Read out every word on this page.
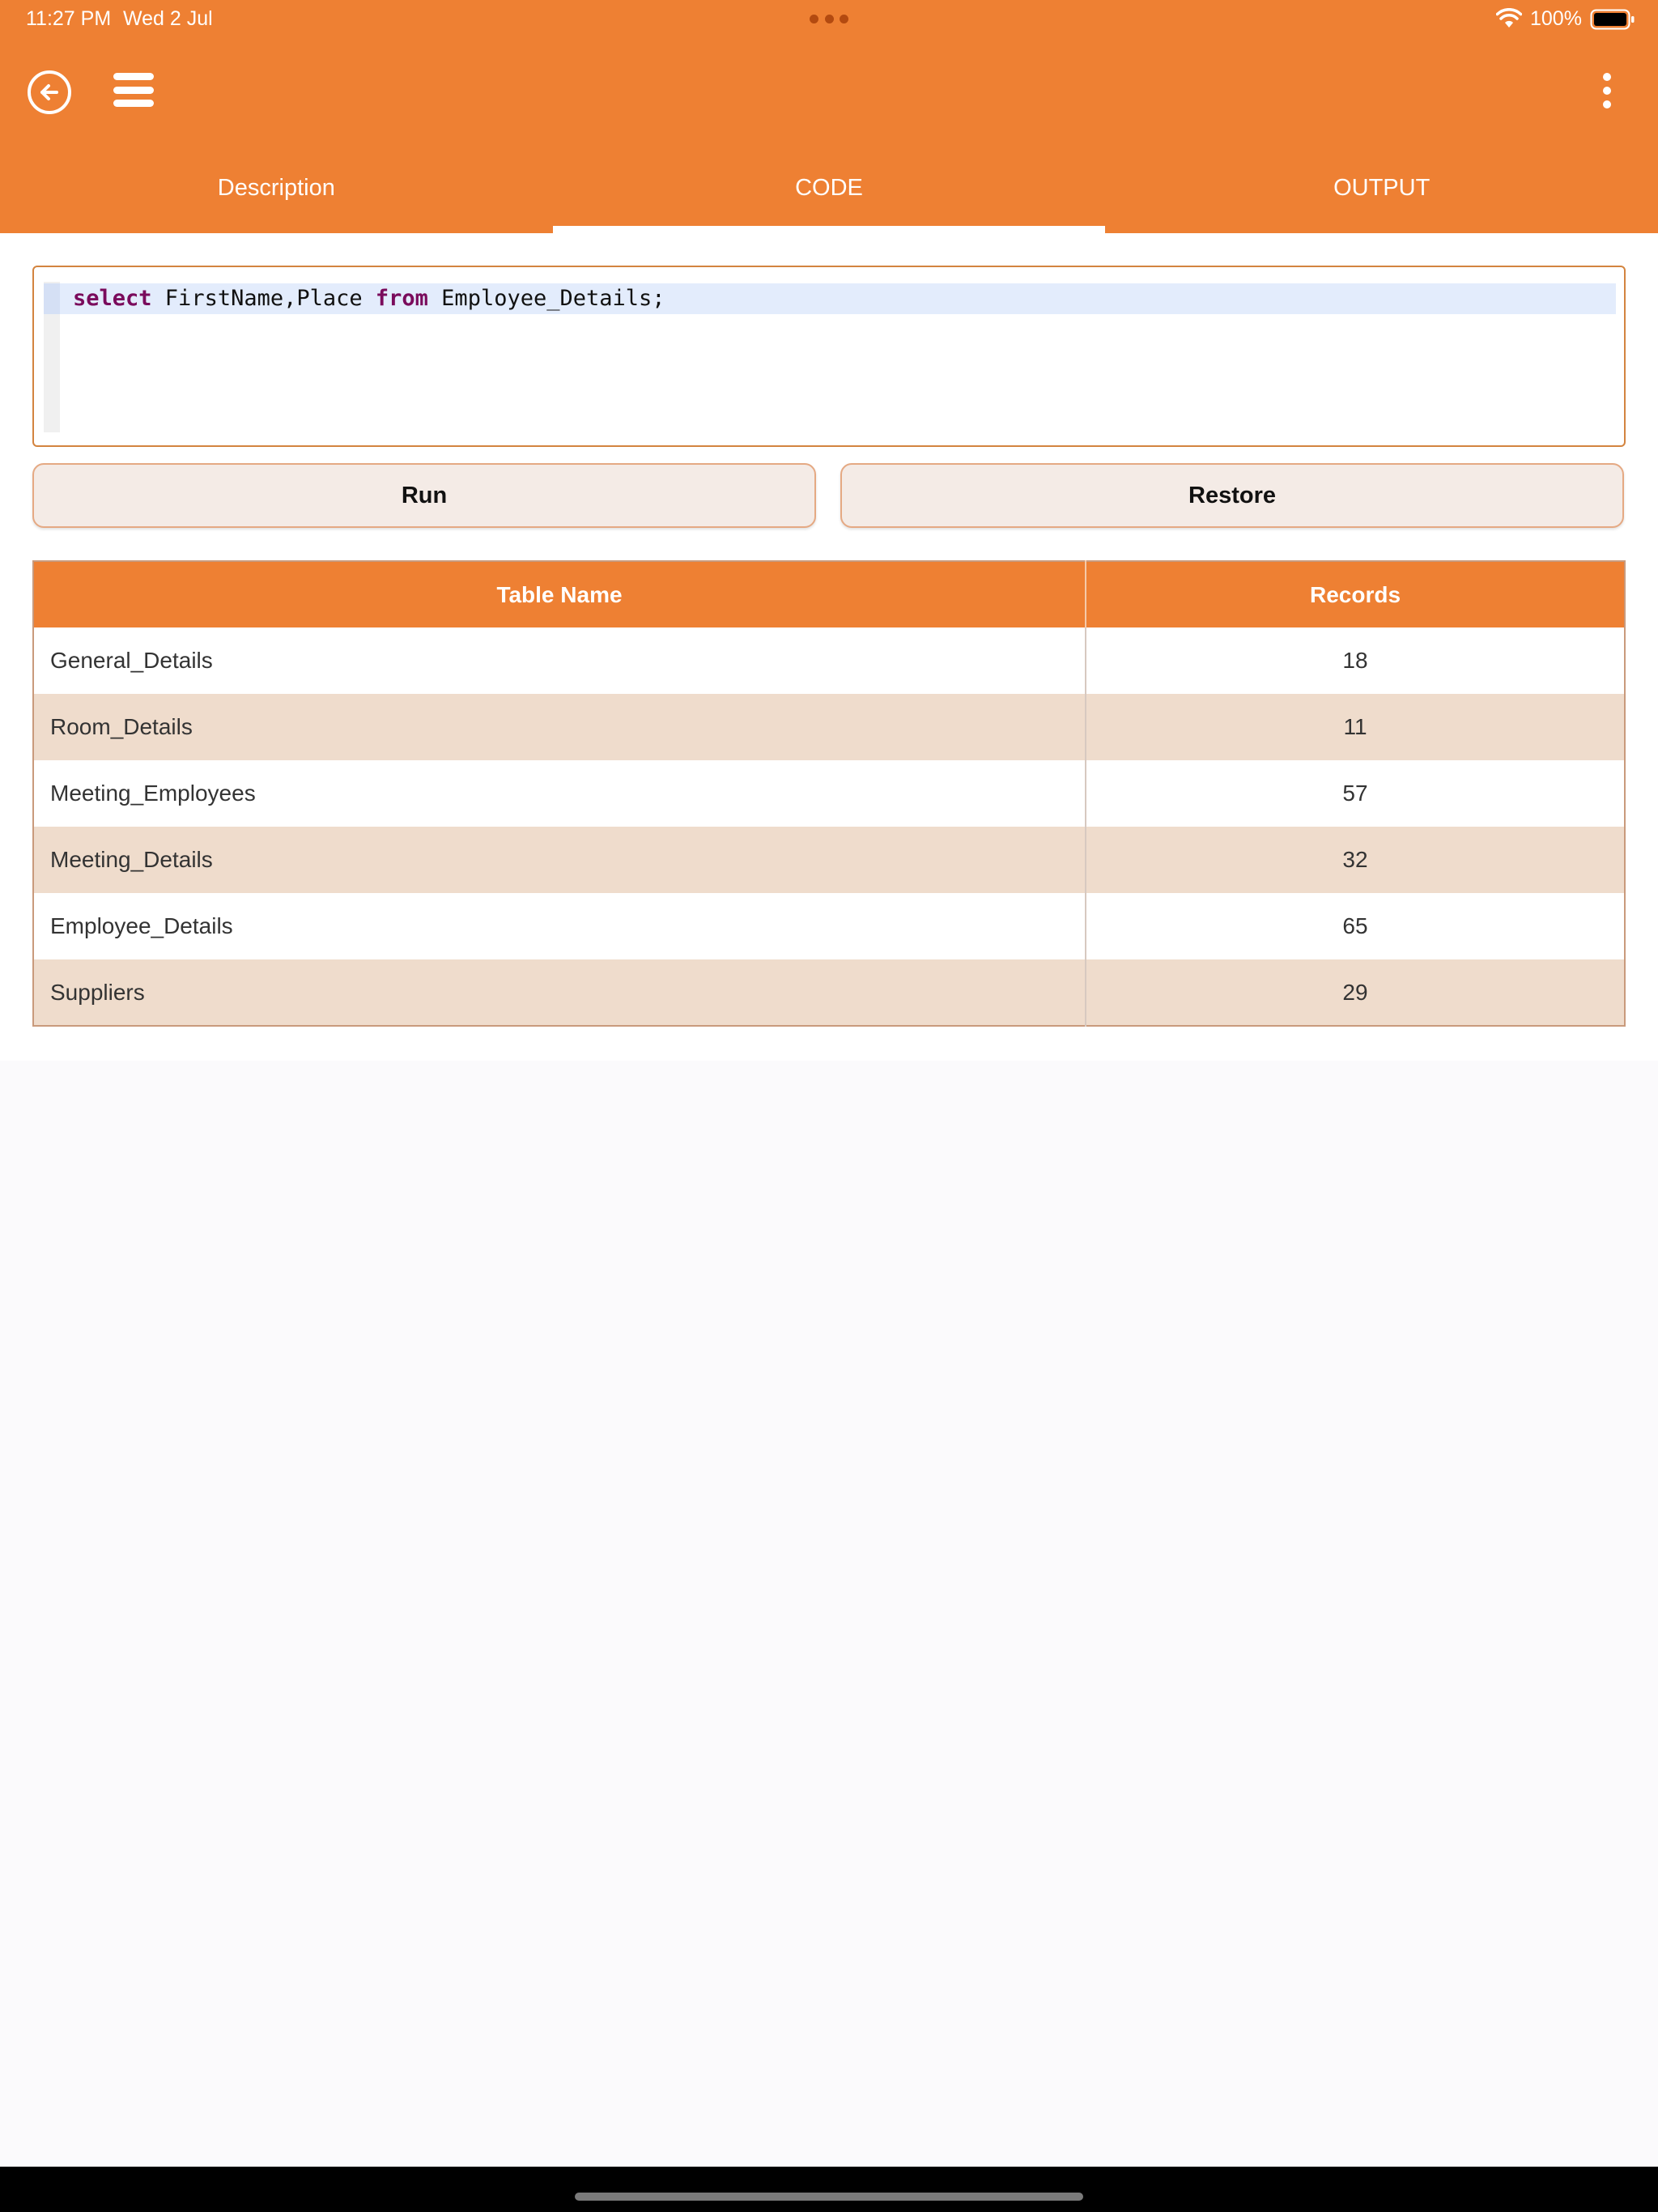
11:27 PM Wed 2 Jul	100%
Description	CODE	OUTPUT
select FirstName,Place from Employee_Details;
Run	Restore
Table Name	Records
General_Details	18
Room_Details	11
Meeting_Employees	57
Meeting_Details	32
Employee_Details	65
Suppliers	29
